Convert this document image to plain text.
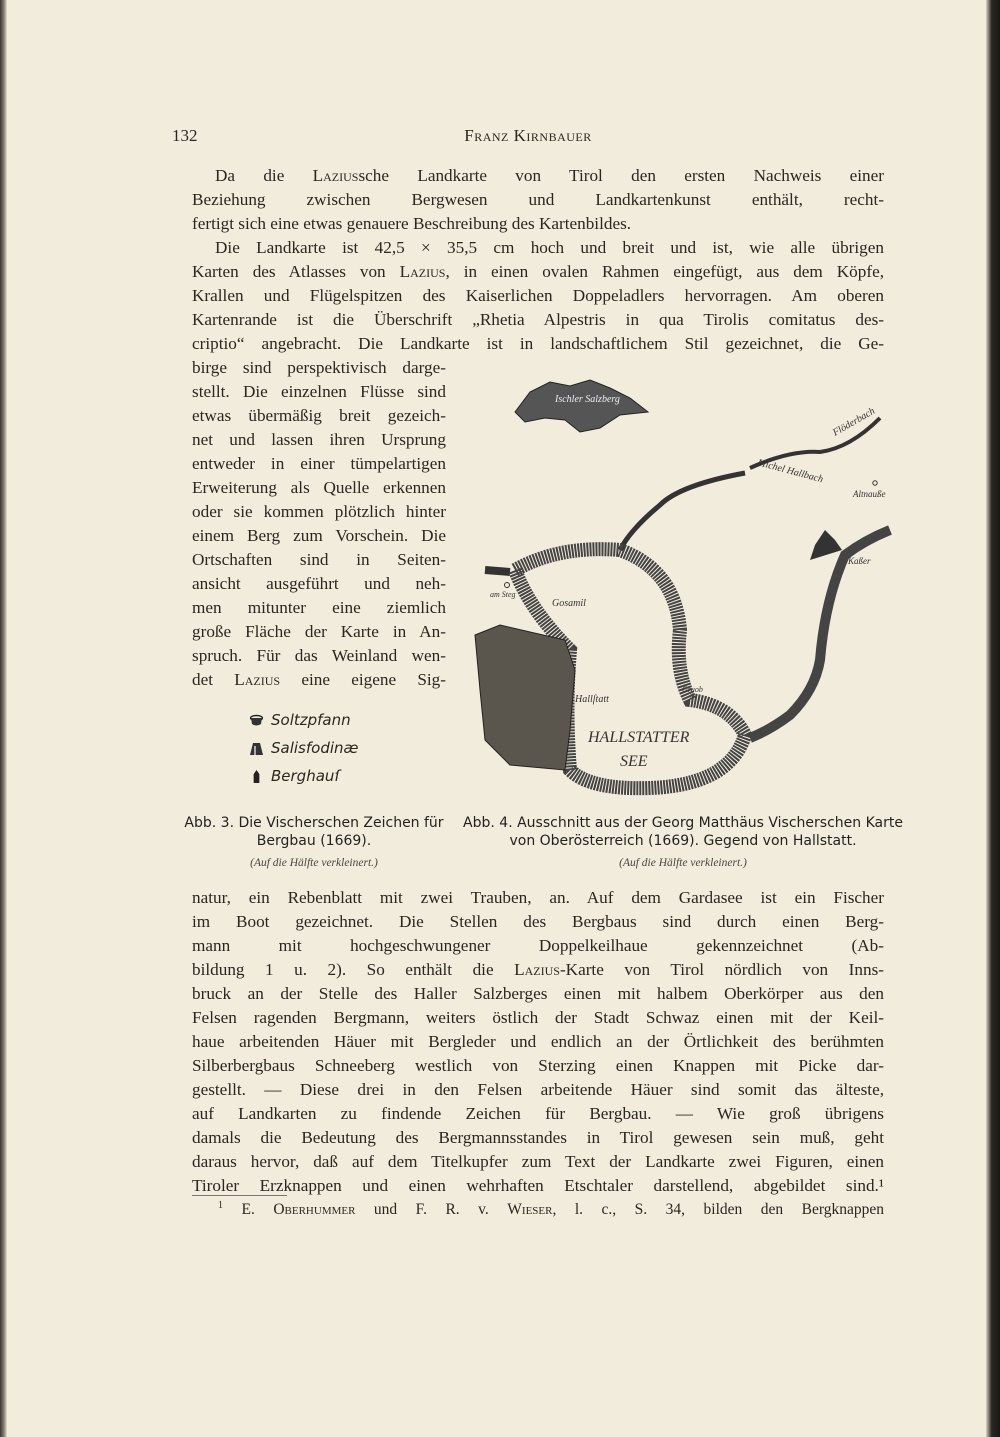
132	Franz Kirnbauer
Da die Laziussche Landkarte von Tirol den ersten Nachweis einer
Beziehung zwischen Bergwesen und Landkartenkunst enthält, recht-
fertigt sich eine etwas genauere Beschreibung des Kartenbildes.
Die Landkarte ist 42,5 × 35,5 cm hoch und breit und ist, wie alle übrigen
Karten des Atlasses von Lazius, in einen ovalen Rahmen eingefügt, aus dem Köpfe,
Krallen und Flügelspitzen des Kaiserlichen Doppeladlers hervorragen. Am oberen
Kartenrande ist die Überschrift „Rhetia Alpestris in qua Tirolis comitatus des-
criptio“ angebracht. Die Landkarte ist in landschaftlichem Stil gezeichnet, die Ge-
birge sind perspektivisch darge-
stellt. Die einzelnen Flüsse sind
etwas übermäßig breit gezeich-
net und lassen ihren Ursprung
entweder in einer tümpelartigen
Erweiterung als Quelle erkennen
oder sie kommen plötzlich hinter
einem Berg zum Vorschein. Die
Ortschaften sind in Seiten-
ansicht ausgeführt und neh-
men mitunter eine ziemlich
große Fläche der Karte in An-
spruch. Für das Weinland wen-
det Lazius eine eigene Sig-
natur, ein Rebenblatt mit zwei Trauben, an. Auf dem Gardasee ist ein Fischer
im Boot gezeichnet. Die Stellen des Bergbaus sind durch einen Berg-
mann mit hochgeschwungener Doppelkeilhaue gekennzeichnet (Ab-
bildung 1 u. 2). So enthält die Lazius-Karte von Tirol nördlich von Inns-
bruck an der Stelle des Haller Salzberges einen mit halbem Oberkörper aus den
Felsen ragenden Bergmann, weiters östlich der Stadt Schwaz einen mit der Keil-
haue arbeitenden Häuer mit Bergleder und endlich an der Örtlichkeit des berühmten
Silberbergbaus Schneeberg westlich von Sterzing einen Knappen mit Picke dar-
gestellt. — Diese drei in den Felsen arbeitende Häuer sind somit das älteste,
auf Landkarten zu findende Zeichen für Bergbau. — Wie groß übrigens
damals die Bedeutung des Bergmannsstandes in Tirol gewesen sein muß, geht
daraus hervor, daß auf dem Titelkupfer zum Text der Landkarte zwei Figuren, einen
Tiroler Erzknappen und einen wehrhaften Etschtaler darstellend, abgebildet sind.¹
Soltzpfann
Salisfodinæ
Berghauſ
Ischler Salzberg
Flöderbach
Michel Hallbach
Altnauße
Kaßer
am Steg
Gosamil
Hallſtatt
Gruob
HALLSTATTER
SEE
Abb. 3. Die Vischerschen Zeichen für Bergbau (1669).
(Auf die Hälfte verkleinert.)
Abb. 4. Ausschnitt aus der Georg Matthäus Vischerschen Karte von Oberösterreich (1669). Gegend von Hallstatt.
(Auf die Hälfte verkleinert.)
$^1$ E. Oberhummer und F. R. v. Wieser, l. c., S. 34, bilden den Bergknappen
